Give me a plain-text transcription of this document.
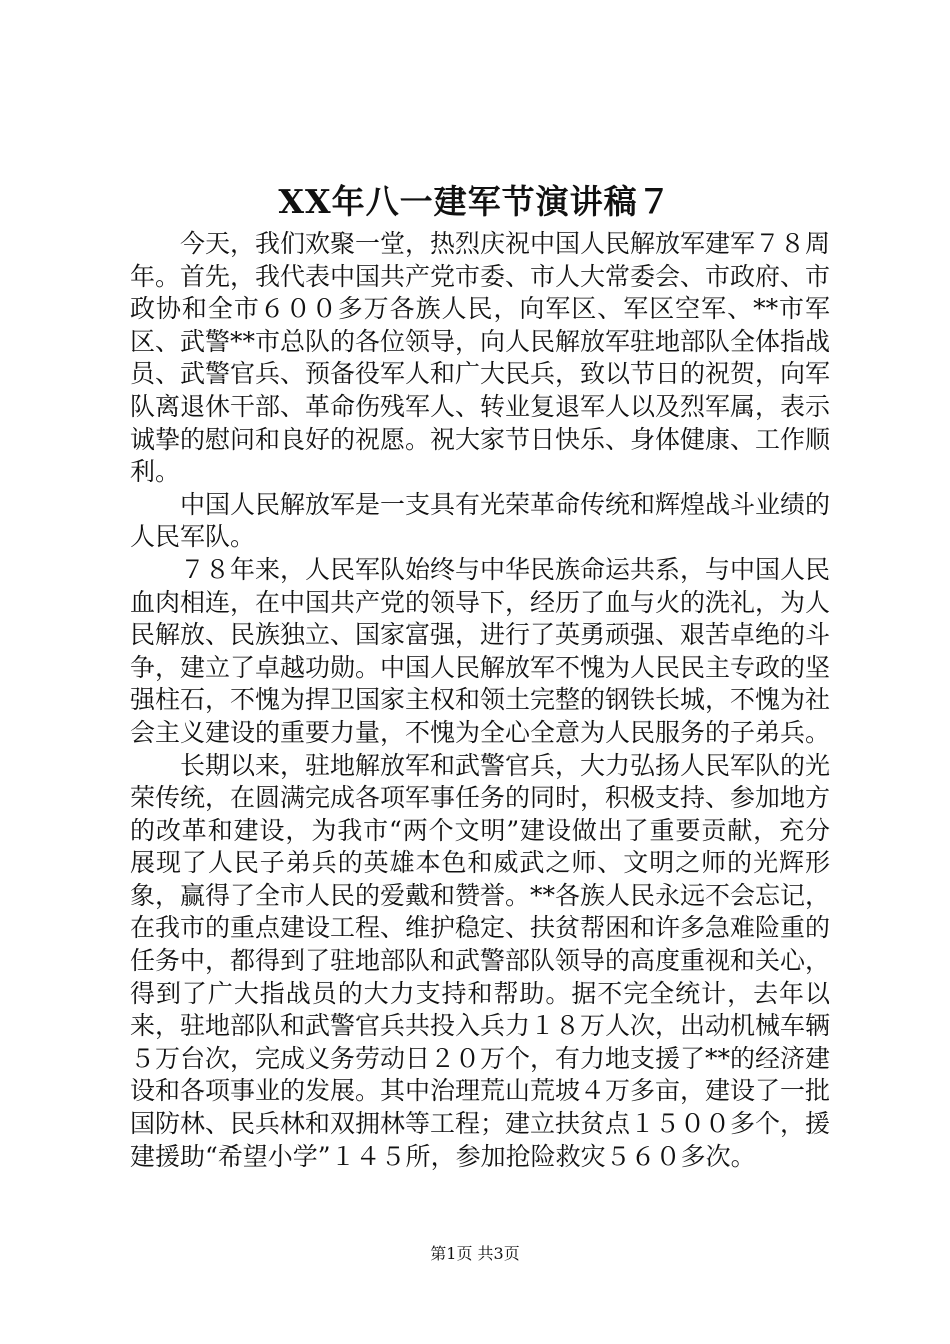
XX年八一建军节演讲稿７

今天，我们欢聚一堂，热烈庆祝中国人民解放军建军７８周年。首先，我代表中国共产党市委、市人大常委会、市政府、市政协和全市６００多万各族人民，向军区、军区空军、**市军区、武警**市总队的各位领导，向人民解放军驻地部队全体指战员、武警官兵、预备役军人和广大民兵，致以节日的祝贺，向军队离退休干部、革命伤残军人、转业复退军人以及烈军属，表示诚挚的慰问和良好的祝愿。祝大家节日快乐、身体健康、工作顺利。

中国人民解放军是一支具有光荣革命传统和辉煌战斗业绩的人民军队。

７８年来，人民军队始终与中华民族命运共系，与中国人民血肉相连，在中国共产党的领导下，经历了血与火的洗礼，为人民解放、民族独立、国家富强，进行了英勇顽强、艰苦卓绝的斗争，建立了卓越功勋。中国人民解放军不愧为人民民主专政的坚强柱石，不愧为捍卫国家主权和领土完整的钢铁长城，不愧为社会主义建设的重要力量，不愧为全心全意为人民服务的子弟兵。

长期以来，驻地解放军和武警官兵，大力弘扬人民军队的光荣传统，在圆满完成各项军事任务的同时，积极支持、参加地方的改革和建设，为我市“两个文明”建设做出了重要贡献，充分展现了人民子弟兵的英雄本色和威武之师、文明之师的光辉形象，赢得了全市人民的爱戴和赞誉。**各族人民永远不会忘记，在我市的重点建设工程、维护稳定、扶贫帮困和许多急难险重的任务中，都得到了驻地部队和武警部队领导的高度重视和关心，得到了广大指战员的大力支持和帮助。据不完全统计，去年以来，驻地部队和武警官兵共投入兵力１８万人次，出动机械车辆５万台次，完成义务劳动日２０万个，有力地支援了**的经济建设和各项事业的发展。其中治理荒山荒坡４万多亩，建设了一批国防林、民兵林和双拥林等工程；建立扶贫点１５００多个，援建援助“希望小学”１４５所，参加抢险救灾５６０多次。

第1页 共3页
